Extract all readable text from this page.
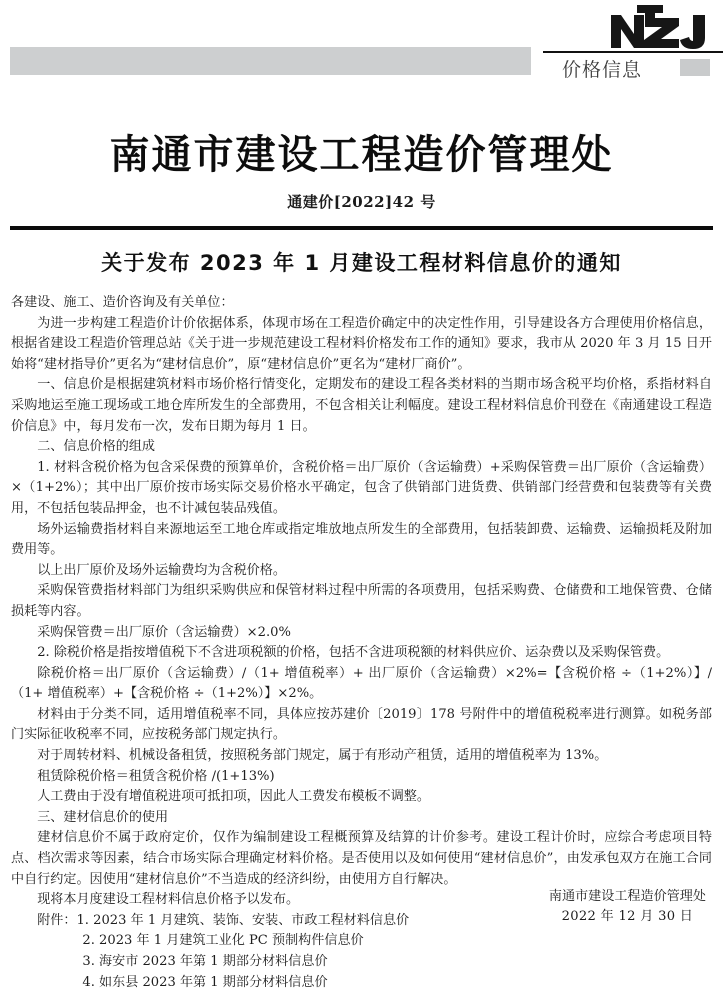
价格信息
南通市建设工程造价管理处
通建价[2022]42 号
关于发布 2023 年 1 月建设工程材料信息价的通知

各建设、施工、造价咨询及有关单位：

为进一步构建工程造价计价依据体系，体现市场在工程造价确定中的决定性作用，引导建设各方合理使用价格信息，根据省建设工程造价管理总站《关于进一步规范建设工程材料价格发布工作的通知》要求，我市从 2020 年 3 月 15 日开始将“建材指导价”更名为“建材信息价”，原“建材信息价”更名为“建材厂商价”。

一、信息价是根据建筑材料市场价格行情变化，定期发布的建设工程各类材料的当期市场含税平均价格，系指材料自采购地运至施工现场或工地仓库所发生的全部费用，不包含相关让利幅度。建设工程材料信息价刊登在《南通建设工程造价信息》中，每月发布一次，发布日期为每月 1 日。

二、信息价格的组成

1. 材料含税价格为包含采保费的预算单价，含税价格＝出厂原价（含运输费）+采购保管费＝出厂原价（含运输费）×（1+2%）；其中出厂原价按市场实际交易价格水平确定，包含了供销部门进货费、供销部门经营费和包装费等有关费用，不包括包装品押金，也不计减包装品残值。

场外运输费指材料自来源地运至工地仓库或指定堆放地点所发生的全部费用，包括装卸费、运输费、运输损耗及附加费用等。

以上出厂原价及场外运输费均为含税价格。

采购保管费指材料部门为组织采购供应和保管材料过程中所需的各项费用，包括采购费、仓储费和工地保管费、仓储损耗等内容。

采购保管费＝出厂原价（含运输费）×2.0%

2. 除税价格是指按增值税下不含进项税额的价格，包括不含进项税额的材料供应价、运杂费以及采购保管费。

除税价格＝出厂原价（含运输费）/（1+ 增值税率）+ 出厂原价（含运输费）×2%=【含税价格 ÷（1+2%）】/（1+ 增值税率）+【含税价格 ÷（1+2%）】×2%。

材料由于分类不同，适用增值税率不同，具体应按苏建价〔2019〕178 号附件中的增值税税率进行测算。如税务部门实际征收税率不同，应按税务部门规定执行。

对于周转材料、机械设备租赁，按照税务部门规定，属于有形动产租赁，适用的增值税率为 13%。

租赁除税价格＝租赁含税价格 /(1+13%)

人工费由于没有增值税进项可抵扣项，因此人工费发布模板不调整。

三、建材信息价的使用

建材信息价不属于政府定价，仅作为编制建设工程概预算及结算的计价参考。建设工程计价时，应综合考虑项目特点、档次需求等因素，结合市场实际合理确定材料价格。是否使用以及如何使用“建材信息价”，由发承包双方在施工合同中自行约定。因使用“建材信息价”不当造成的经济纠纷，由使用方自行解决。

现将本月度建设工程材料信息价格予以发布。

附件：1. 2023 年 1 月建筑、装饰、安装、市政工程材料信息价
2. 2023 年 1 月建筑工业化 PC 预制构件信息价
3. 海安市 2023 年第 1 期部分材料信息价
4. 如东县 2023 年第 1 期部分材料信息价
南通市建设工程造价管理处
2022 年 12 月 30 日
